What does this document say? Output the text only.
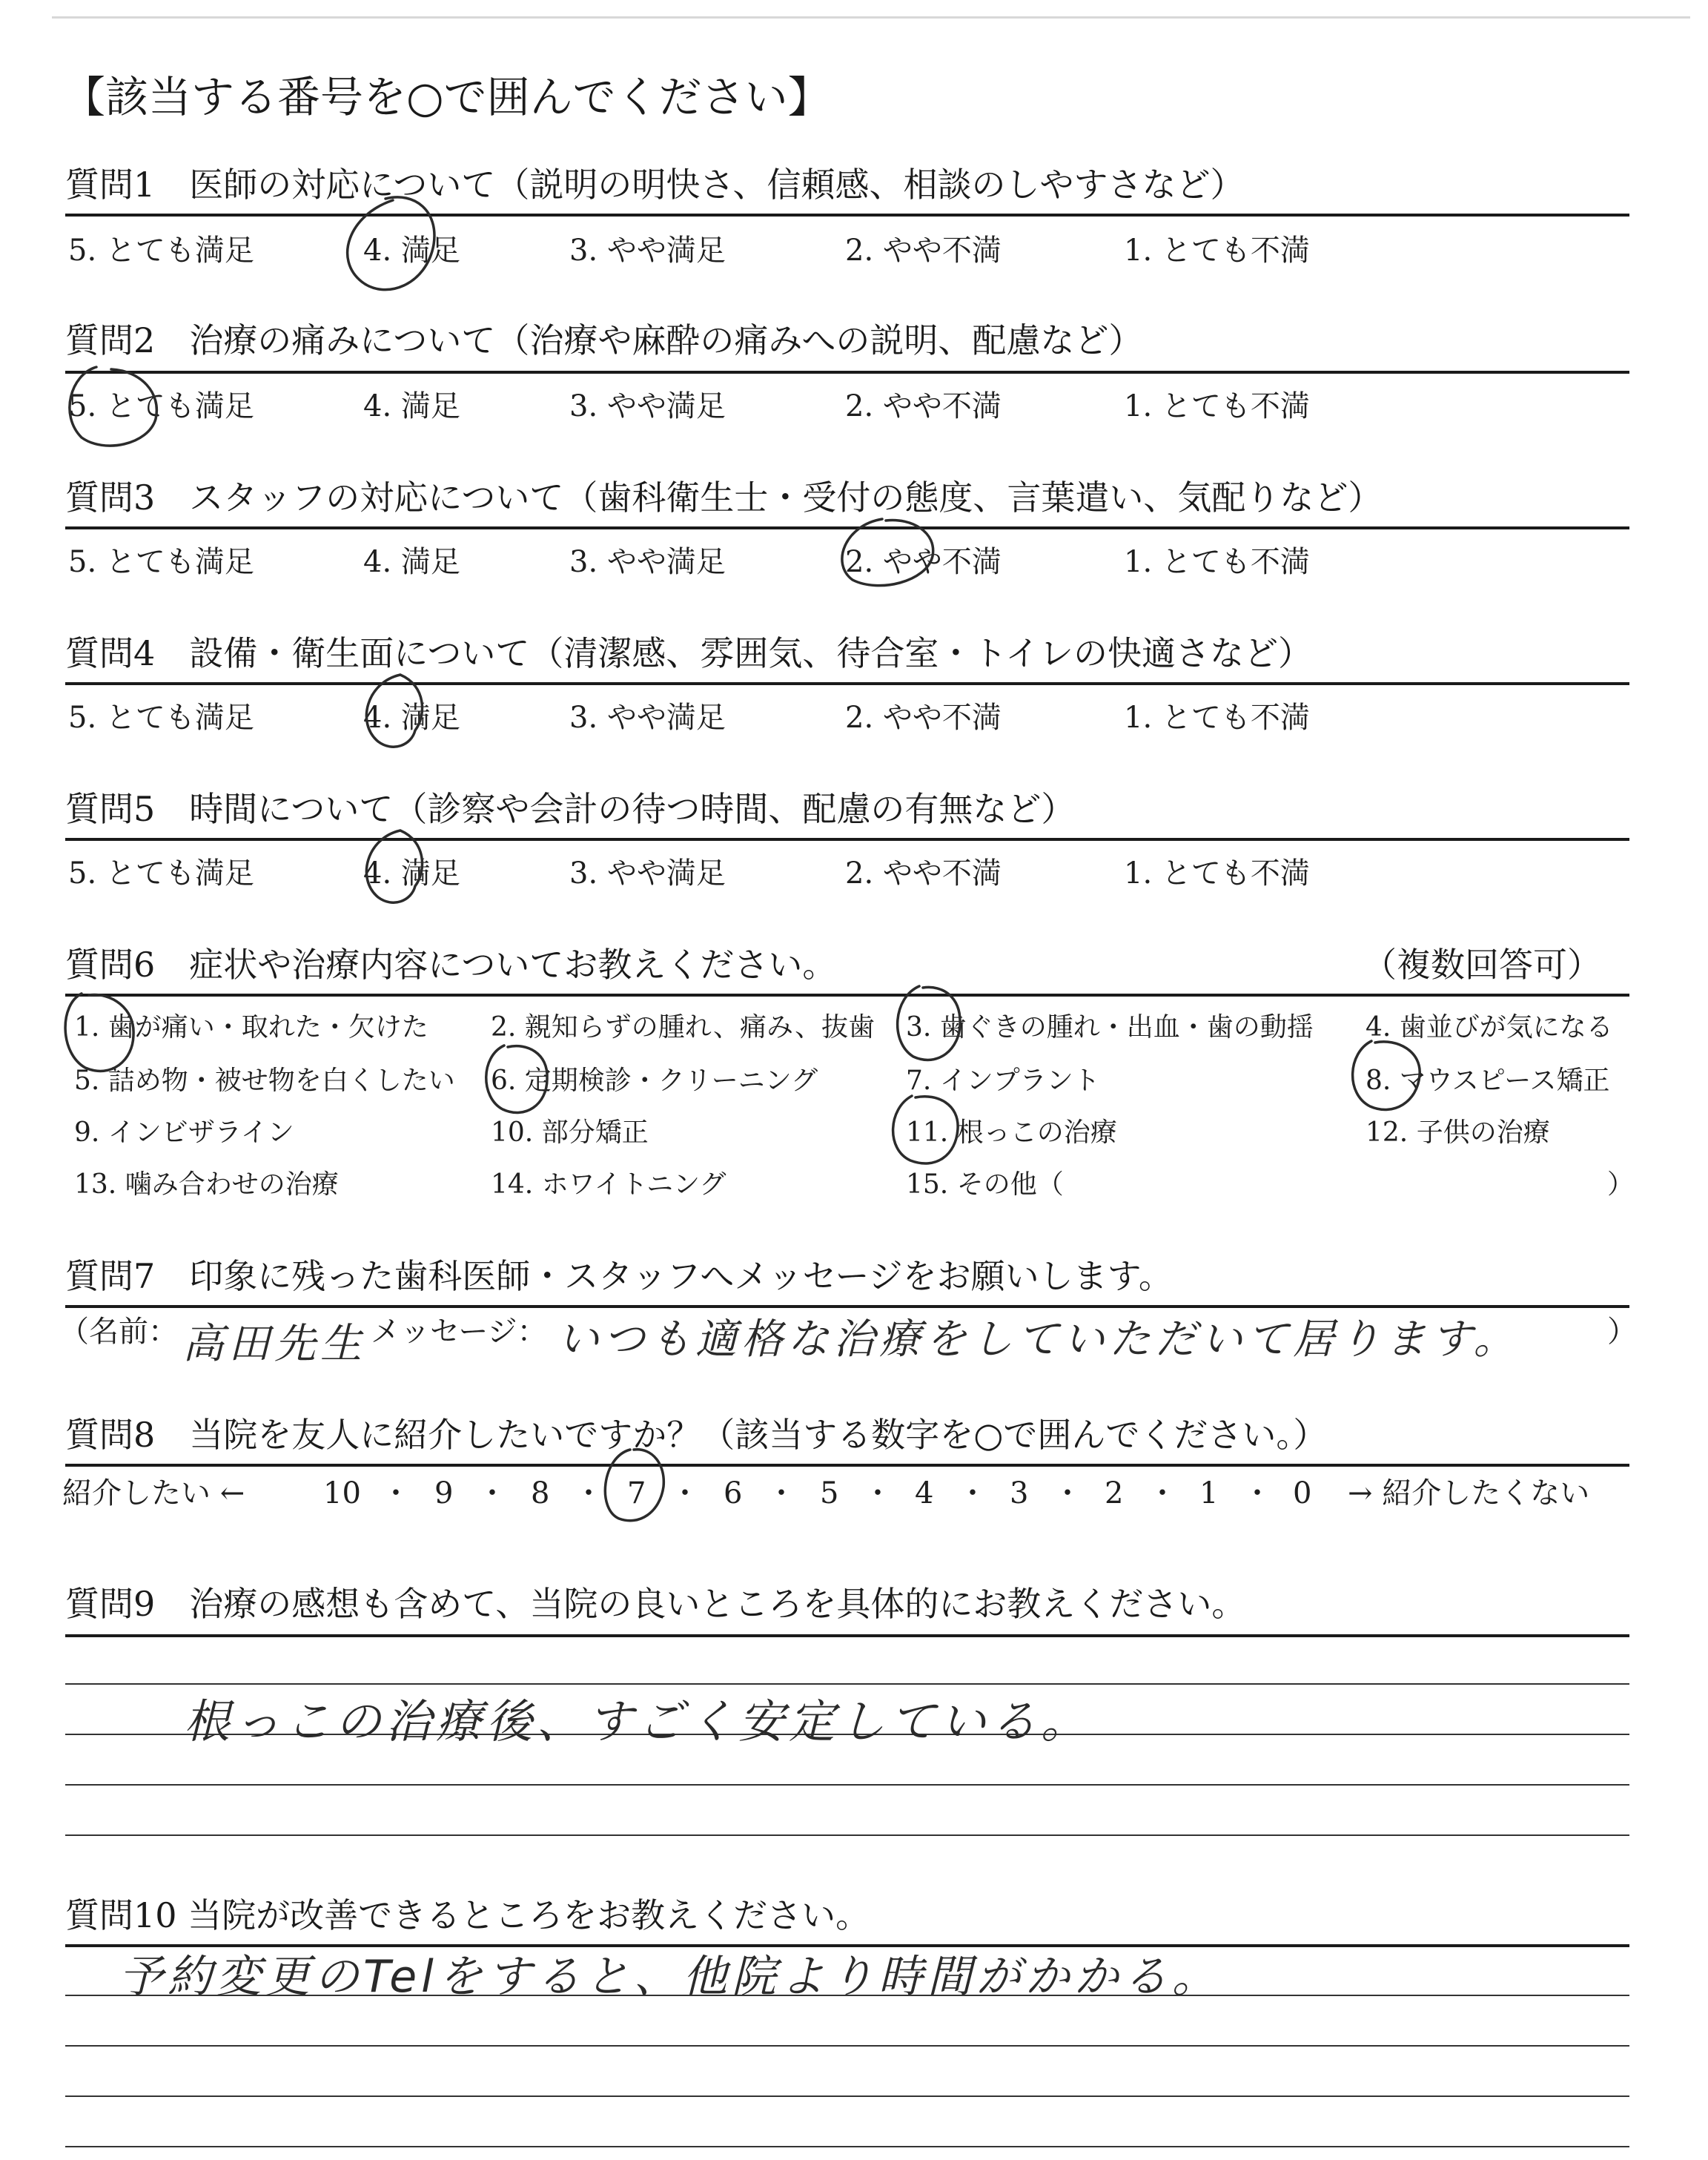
【該当する番号を○で囲んでください】
質問1　医師の対応について（説明の明快さ、信頼感、相談のしやすさなど）
5. とても満足	4. 満足	3. やや満足	2. やや不満	1. とても不満
質問2　治療の痛みについて（治療や麻酔の痛みへの説明、配慮など）
5. とても満足	4. 満足	3. やや満足	2. やや不満	1. とても不満
質問3　スタッフの対応について（歯科衛生士・受付の態度、言葉遣い、気配りなど）
5. とても満足	4. 満足	3. やや満足	2. やや不満	1. とても不満
質問4　設備・衛生面について（清潔感、雰囲気、待合室・トイレの快適さなど）
5. とても満足	4. 満足	3. やや満足	2. やや不満	1. とても不満
質問5　時間について（診察や会計の待つ時間、配慮の有無など）
5. とても満足	4. 満足	3. やや満足	2. やや不満	1. とても不満
質問6　症状や治療内容についてお教えください。	（複数回答可）
1. 歯が痛い・取れた・欠けた 2. 親知らずの腫れ、痛み、抜歯 3. 歯ぐきの腫れ・出血・歯の動揺 4. 歯並びが気になる
5. 詰め物・被せ物を白くしたい 6. 定期検診・クリーニング	7. インプラント	8. マウスピース矯正
9. インビザライン	10. 部分矯正	11. 根っこの治療	12. 子供の治療
13. 噛み合わせの治療	14. ホワイトニング	15. その他（	）
質問7　印象に残った歯科医師・スタッフへメッセージをお願いします。
（名前： 高田先生 メッセージ： いつも適格な治療をしていただいて居ります。	）
質問8　当院を友人に紹介したいですか？（該当する数字を○で囲んでください。）
紹介したい ←	10 ・ 9 ・ 8 ・ 7 ・ 6 ・ 5 ・ 4 ・ 3 ・ 2 ・ 1 ・ 0 → 紹介したくない
質問9　治療の感想も含めて、当院の良いところを具体的にお教えください。
根っこの治療後、すごく安定している。
質問10 当院が改善できるところをお教えください。
予約変更のTelをすると、他院より時間がかかる。
